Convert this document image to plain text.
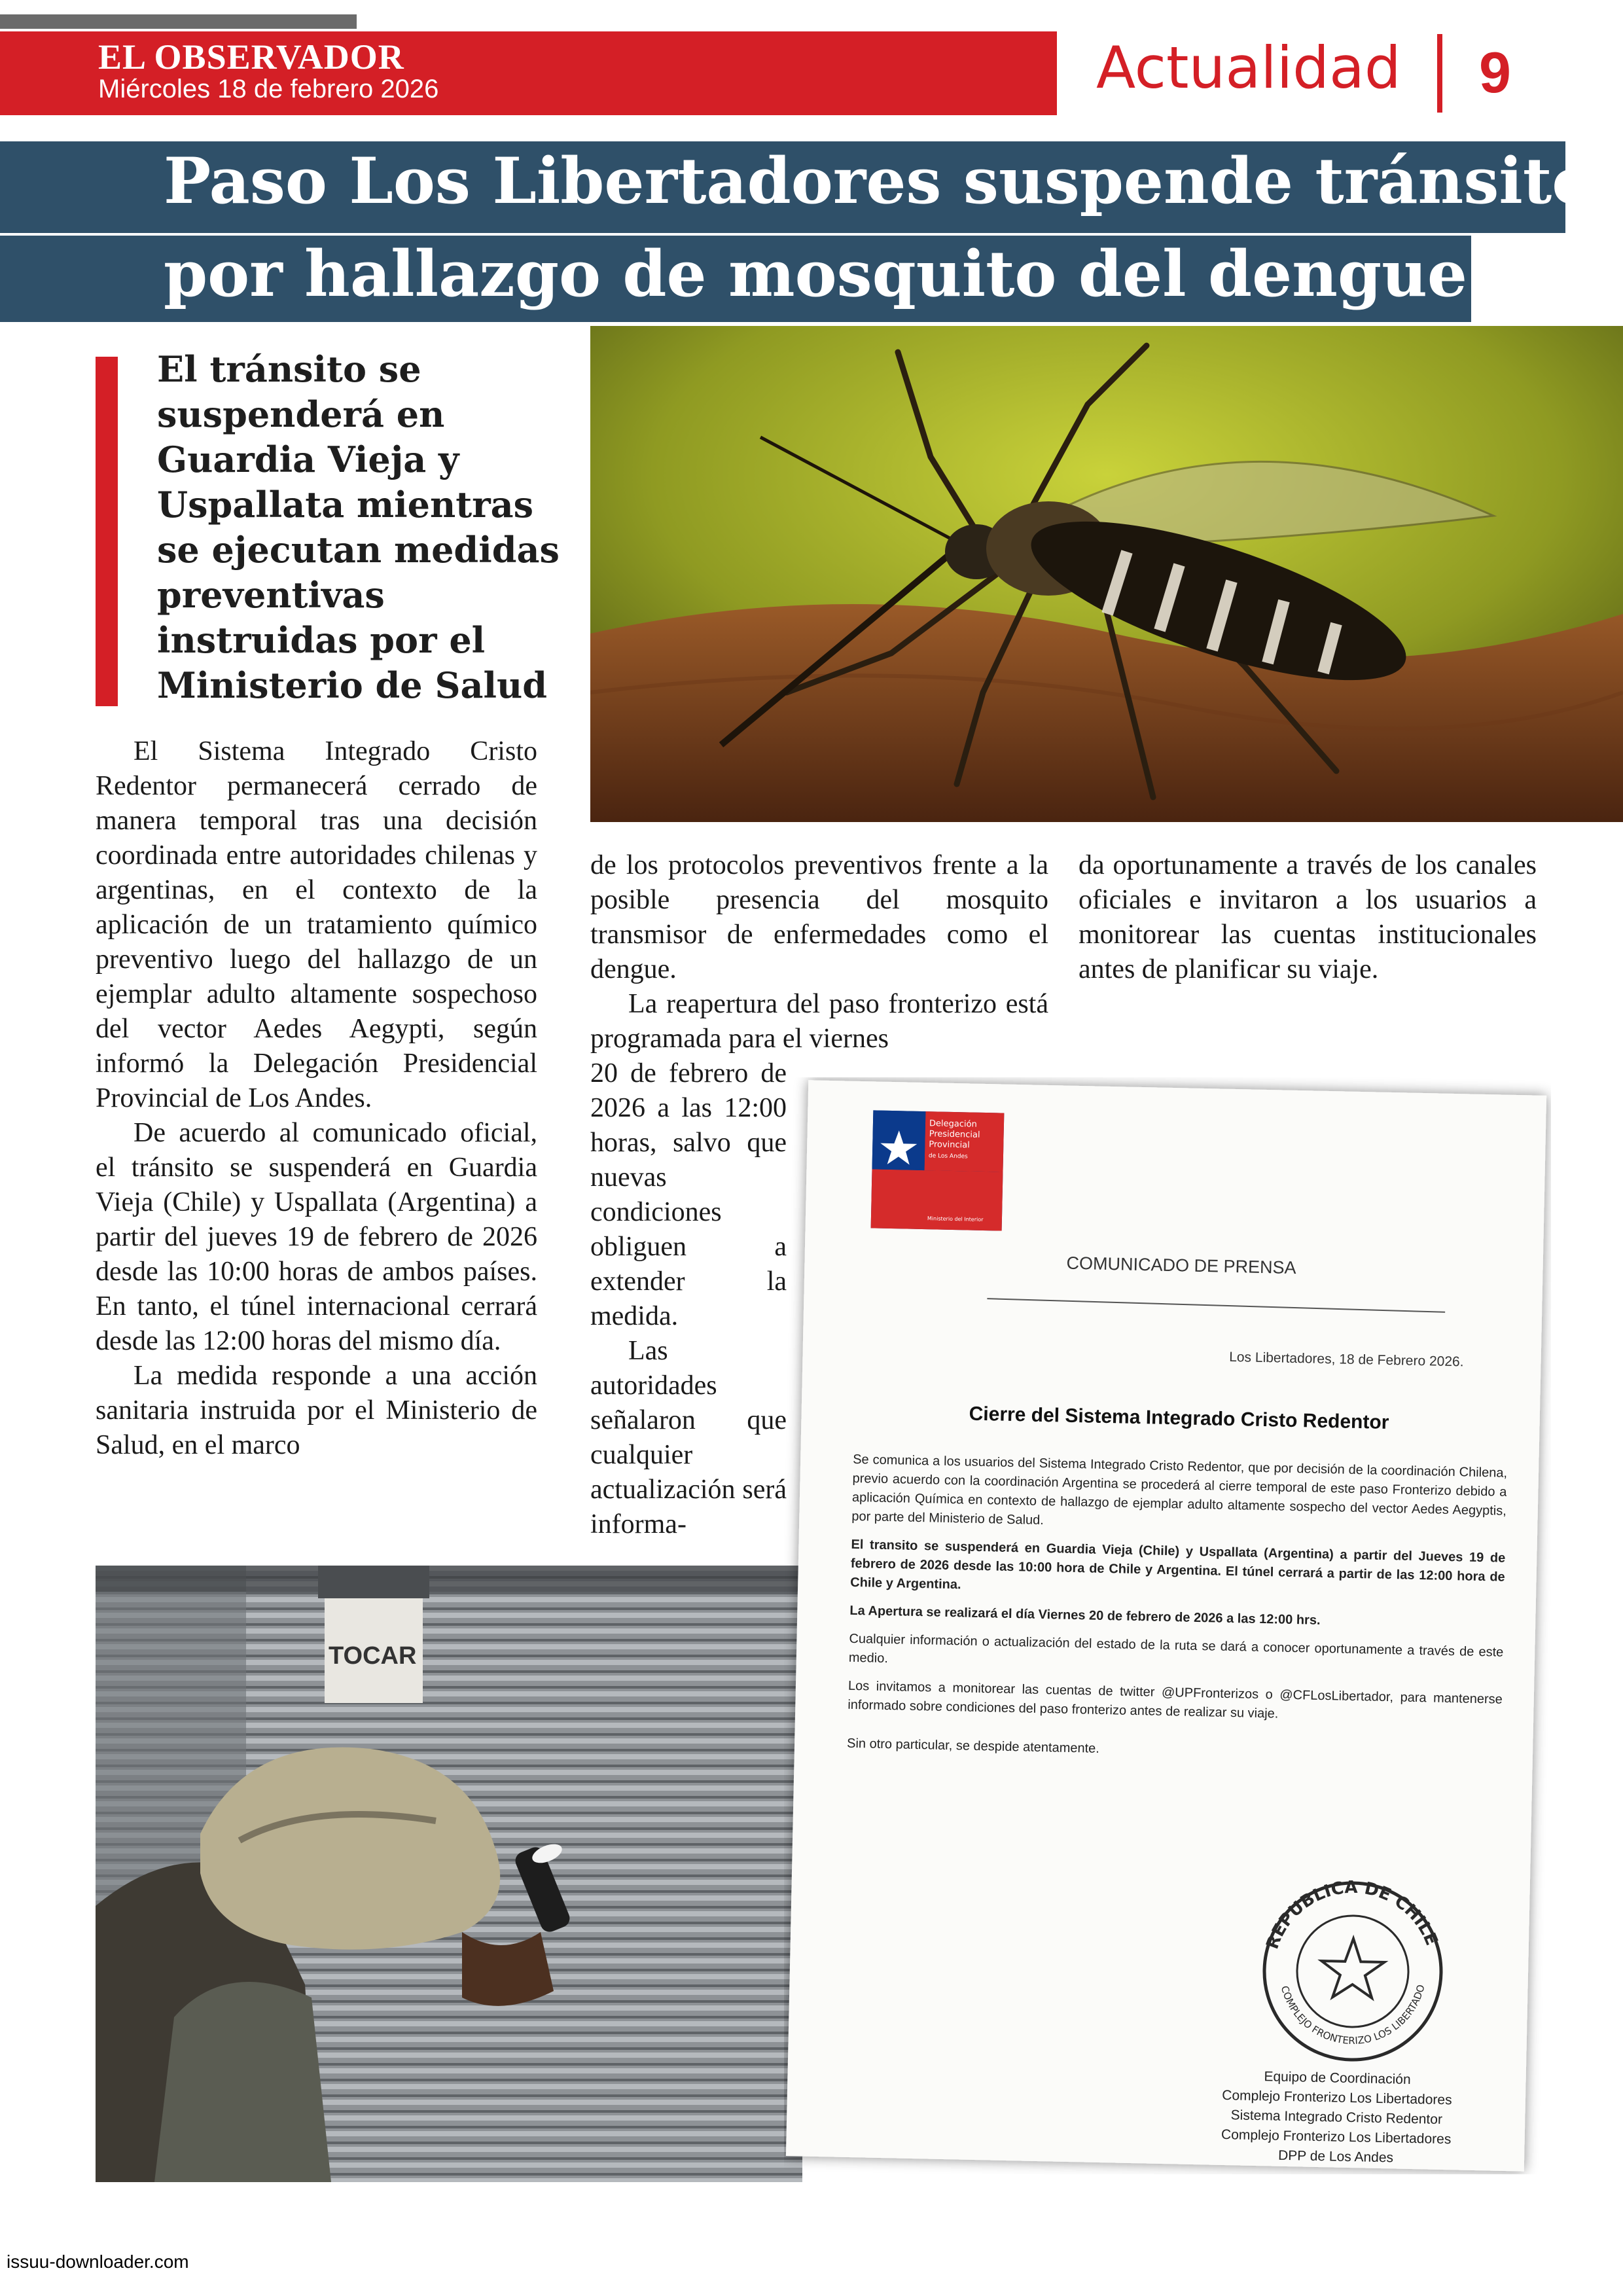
EL OBSERVADOR
Miércoles 18 de febrero 2026	Actualidad 9
Paso Los Libertadores suspende tránsito
por hallazgo de mosquito del dengue
El tránsito se suspenderá en Guardia Vieja y Uspallata mientras se ejecutan medidas preventivas instruidas por el Ministerio de Salud

El Sistema Integrado Cristo Redentor permanecerá cerrado de manera temporal tras una decisión coordinada entre autoridades chilenas y argentinas, en el contexto de la aplicación de un tratamiento químico preventivo luego del hallazgo de un ejemplar adulto altamente sospechoso del vector Aedes Aegypti, según informó la Delegación Presidencial Provincial de Los Andes.

De acuerdo al comunicado oficial, el tránsito se suspenderá en Guardia Vieja (Chile) y Uspallata (Argentina) a partir del jueves 19 de febrero de 2026 desde las 10:00 horas de ambos países. En tanto, el túnel internacional cerrará desde las 12:00 horas del mismo día.

La medida responde a una acción sanitaria instruida por el Ministerio de Salud, en el marco

de los protocolos preventivos frente a la posible presencia del mosquito transmisor de enfermedades como el dengue.

La reapertura del paso fronterizo está programada para el viernes

20 de febrero de 2026 a las 12:00 horas, salvo que nuevas condiciones obliguen a extender la medida.

Las autoridades señalaron que cualquier actualización será informa-

da oportunamente a través de los canales oficiales e invitaron a los usuarios a monitorear las cuentas institucionales antes de planificar su viaje.

TOCAR
Delegación
Presidencial
Provincial
de Los Andes
Ministerio del Interior
COMUNICADO DE PRENSA
Los Libertadores, 18 de Febrero 2026.
Cierre del Sistema Integrado Cristo Redentor

Se comunica a los usuarios del Sistema Integrado Cristo Redentor, que por decisión de la coordinación Chilena, previo acuerdo con la coordinación Argentina se procederá al cierre temporal de este paso Fronterizo debido a aplicación Química en contexto de hallazgo de ejemplar adulto altamente sospecho del vector Aedes Aegyptis, por parte del Ministerio de Salud.

El transito se suspenderá en Guardia Vieja (Chile) y Uspallata (Argentina) a partir del Jueves 19 de febrero de 2026 desde las 10:00 hora de Chile y Argentina. El túnel cerrará a partir de las 12:00 hora de Chile y Argentina.

La Apertura se realizará el día Viernes 20 de febrero de 2026 a las 12:00 hrs.

Cualquier información o actualización del estado de la ruta se dará a conocer oportunamente a través de este medio.

Los invitamos a monitorear las cuentas de twitter @UPFronterizos o @CFLosLibertador, para mantenerse informado sobre condiciones del paso fronterizo antes de realizar su viaje.

Sin otro particular, se despide atentamente.

REPUBLICA DE CHILE
COMPLEJO FRONTERIZO LOS LIBERTADORES
Equipo de Coordinación
Complejo Fronterizo Los Libertadores
Sistema Integrado Cristo Redentor
Complejo Fronterizo Los Libertadores
DPP de Los Andes
issuu-downloader.com
